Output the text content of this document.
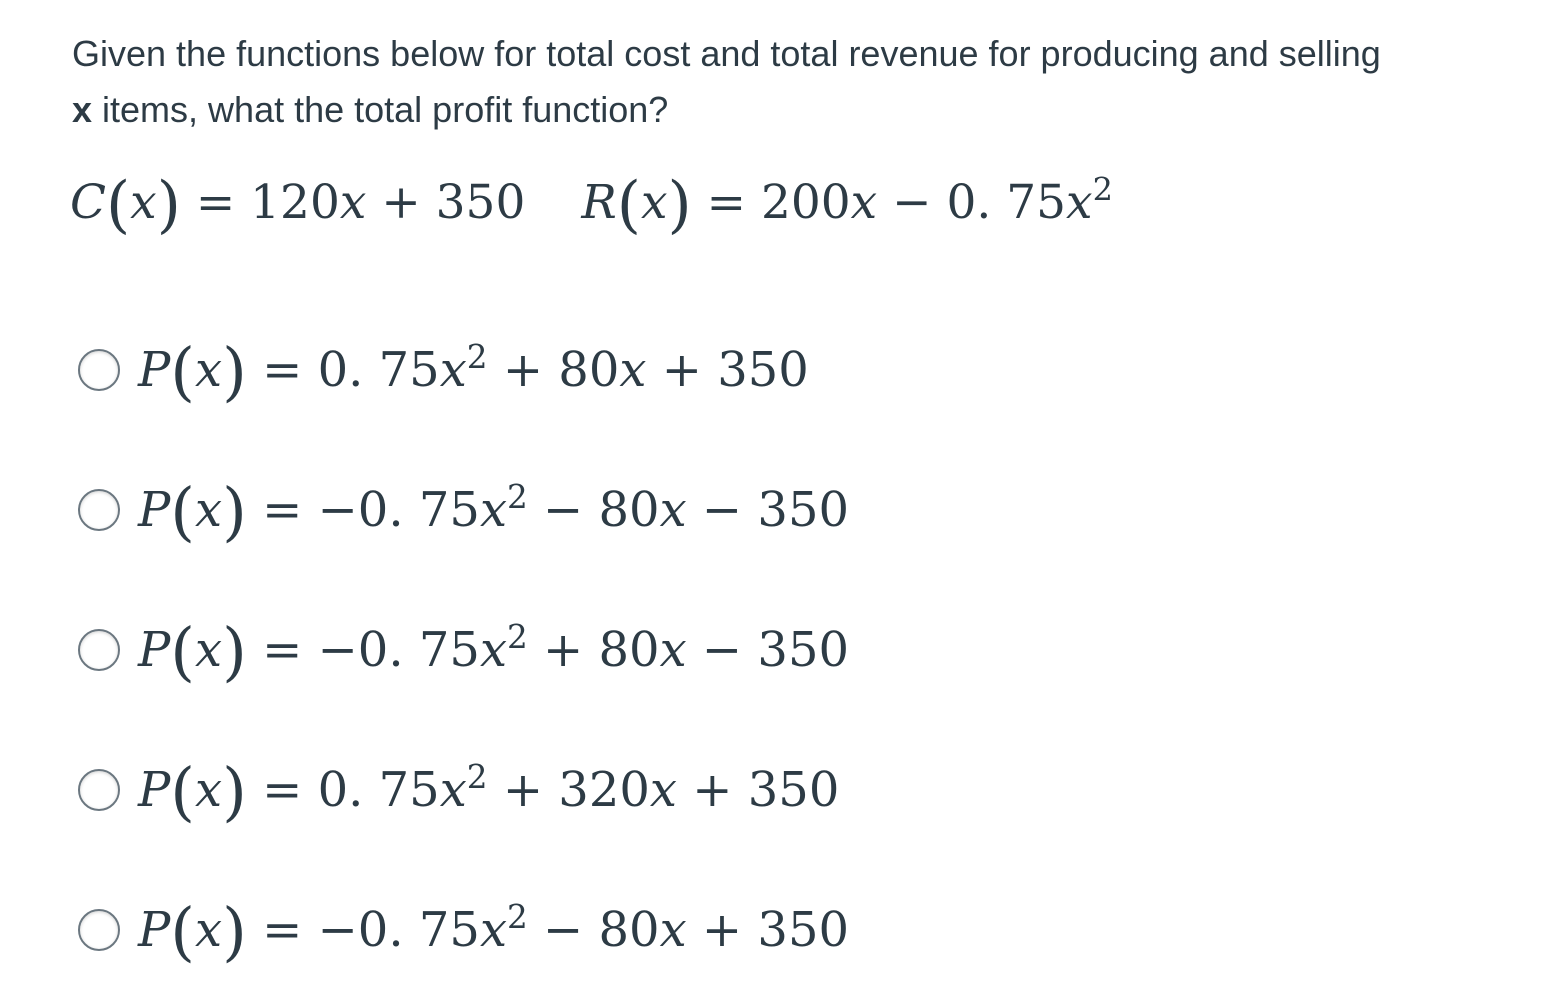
Given the functions below for total cost and total revenue for producing and selling
x items, what the total profit function?
C(x) = 120x + 350 R(x) = 200x − 0. $75x^2$
P(x) = 0. $75x^2 + 80x + 350$
P(x) = −0. $75x^2 - 80x - 350$
P(x) = −0. $75x^2 + 80x - 350$
P(x) = 0. $75x^2 + 320x + 350$
P(x) = −0. $75x^2 - 80x + 350$
